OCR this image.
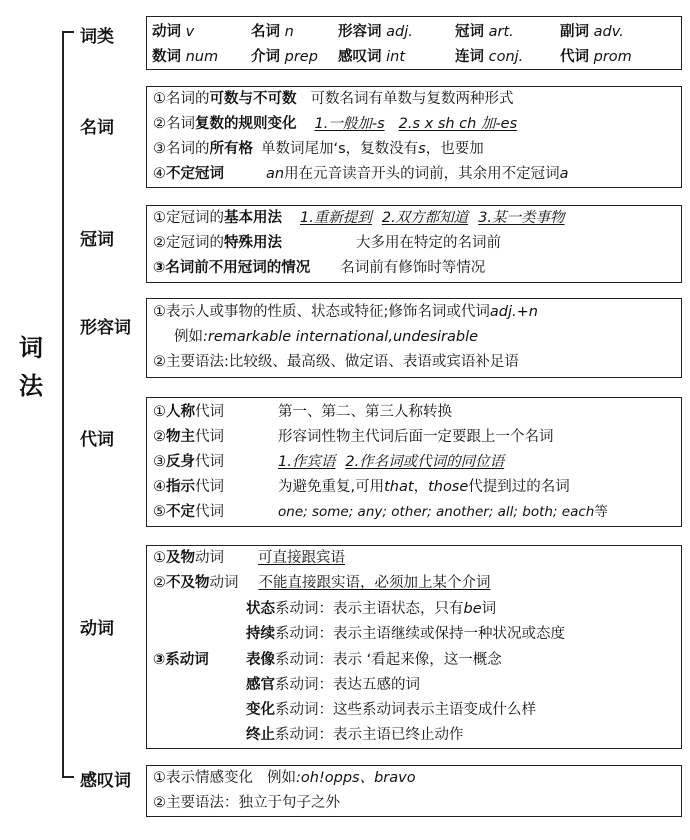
词
法
词类	动词 v	名词 n	形容词 adj.	冠词 art.	副词 adv.
数词 num 介词 prep 感叹词 int	连词 conj.	代词 prom
名词
①名词的可数与不可数 可数名词有单数与复数两种形式
②名词复数的规则变化 1.一般加-s 2.s x sh ch 加-es
③名词的所有格 单数词尾加‘s，复数没有s，也要加
④不定冠词	an用在元音读音开头的词前，其余用不定冠词a
冠词
①定冠词的基本用法 1.重新提到 2.双方都知道 3.某一类事物
②定冠词的特殊用法	大多用在特定的名词前
③名词前不用冠词的情况 名词前有修饰时等情况
形容词
①表示人或事物的性质、状态或特征;修饰名词或代词adj.+n
例如:remarkable international,undesirable
②主要语法:比较级、最高级、做定语、表语或宾语补足语
代词
①人称代词	第一、第二、第三人称转换
②物主代词	形容词性物主代词后面一定要跟上一个名词
③反身代词	1.作宾语 2.作名词或代词的同位语
④指示代词	为避免重复,可用that，those代提到过的名词
⑤不定代词	one; some; any; other; another; all; both; each等
动词
①及物动词 可直接跟宾语
②不及物动词 不能直接跟实语，必须加上某个介词
③系动词
状态系动词：表示主语状态，只有be词
持续系动词：表示主语继续或保持一种状况或态度
表像系动词：表示 ‘看起来像，这一概念
感官系动词：表达五感的词
变化系动词：这些系动词表示主语变成什么样
终止系动词：表示主语已终止动作
感叹词 ①表示情感变化 例如:oh!opps、bravo
②主要语法：独立于句子之外
